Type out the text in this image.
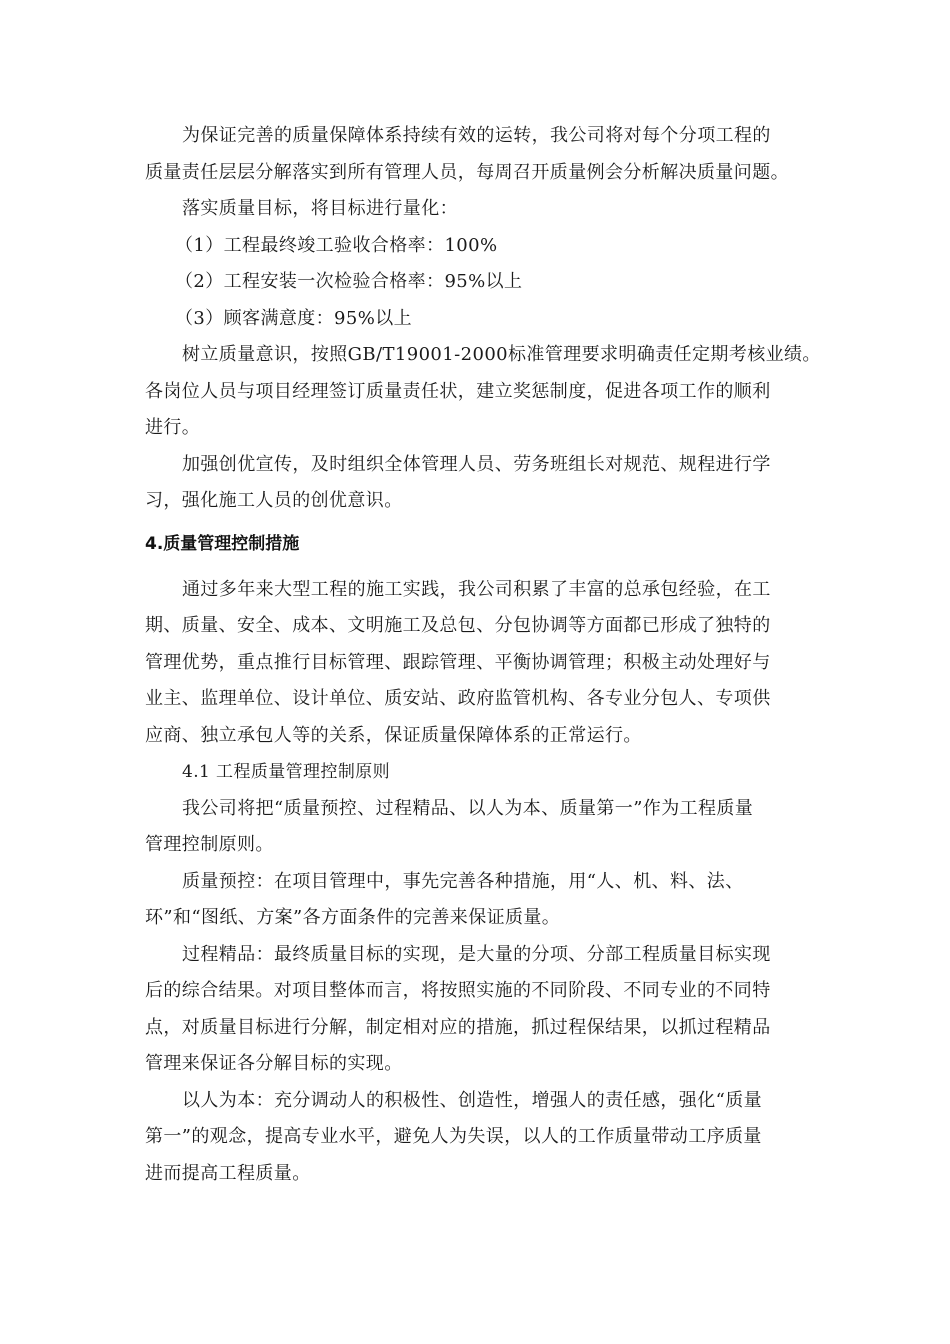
为保证完善的质量保障体系持续有效的运转，我公司将对每个分项工程的
质量责任层层分解落实到所有管理人员，每周召开质量例会分析解决质量问题。

落实质量目标，将目标进行量化：

（1）工程最终竣工验收合格率：100%

（2）工程安装一次检验合格率：95%以上

（3）顾客满意度：95%以上

树立质量意识，按照GB/T19001-2000标准管理要求明确责任定期考核业绩。
各岗位人员与项目经理签订质量责任状，建立奖惩制度，促进各项工作的顺利
进行。

加强创优宣传，及时组织全体管理人员、劳务班组长对规范、规程进行学
习，强化施工人员的创优意识。

4.质量管理控制措施

通过多年来大型工程的施工实践，我公司积累了丰富的总承包经验，在工
期、质量、安全、成本、文明施工及总包、分包协调等方面都已形成了独特的
管理优势，重点推行目标管理、跟踪管理、平衡协调管理；积极主动处理好与
业主、监理单位、设计单位、质安站、政府监管机构、各专业分包人、专项供
应商、独立承包人等的关系，保证质量保障体系的正常运行。

4.1 工程质量管理控制原则

我公司将把“质量预控、过程精品、以人为本、质量第一”作为工程质量
管理控制原则。

质量预控：在项目管理中，事先完善各种措施，用“人、机、料、法、
环”和“图纸、方案”各方面条件的完善来保证质量。

过程精品：最终质量目标的实现，是大量的分项、分部工程质量目标实现
后的综合结果。对项目整体而言，将按照实施的不同阶段、不同专业的不同特
点，对质量目标进行分解，制定相对应的措施，抓过程保结果，以抓过程精品
管理来保证各分解目标的实现。

以人为本：充分调动人的积极性、创造性，增强人的责任感，强化“质量
第一”的观念，提高专业水平，避免人为失误，以人的工作质量带动工序质量
进而提高工程质量。
